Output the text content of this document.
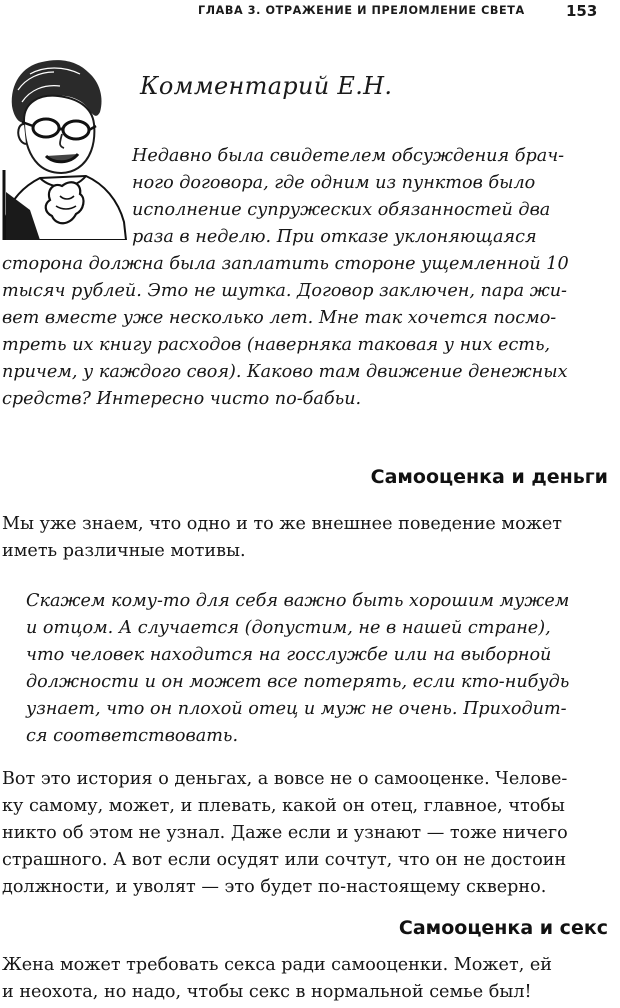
ГЛАВА 3. ОТРАЖЕНИЕ И ПРЕЛОМЛЕНИЕ СВЕТА	153
Комментарий Е.Н.

Недавно была свидетелем обсуждения брач-

ного договора, где одним из пунктов было

исполнение супружеских обязанностей два

раза в неделю. При отказе уклоняющаяся

сторона должна была заплатить стороне ущемленной 10

тысяч рублей. Это не шутка. Договор заключен, пара жи-

вет вместе уже несколько лет. Мне так хочется посмо-

треть их книгу расходов (наверняка таковая у них есть,

причем, у каждого своя). Каково там движение денежных

средств? Интересно чисто по-бабьи.

Самооценка и деньги

Мы уже знаем, что одно и то же внешнее поведение может

иметь различные мотивы.

Скажем кому-то для себя важно быть хорошим мужем

и отцом. А случается (допустим, не в нашей стране),

что человек находится на госслужбе или на выборной

должности и он может все потерять, если кто-нибудь

узнает, что он плохой отец и муж не очень. Приходит-

ся соответствовать.

Вот это история о деньгах, а вовсе не о самооценке. Челове-

ку самому, может, и плевать, какой он отец, главное, чтобы

никто об этом не узнал. Даже если и узнают — тоже ничего

страшного. А вот если осудят или сочтут, что он не достоин

должности, и уволят — это будет по-настоящему скверно.

Самооценка и секс

Жена может требовать секса ради самооценки. Может, ей

и неохота, но надо, чтобы секс в нормальной семье был!
